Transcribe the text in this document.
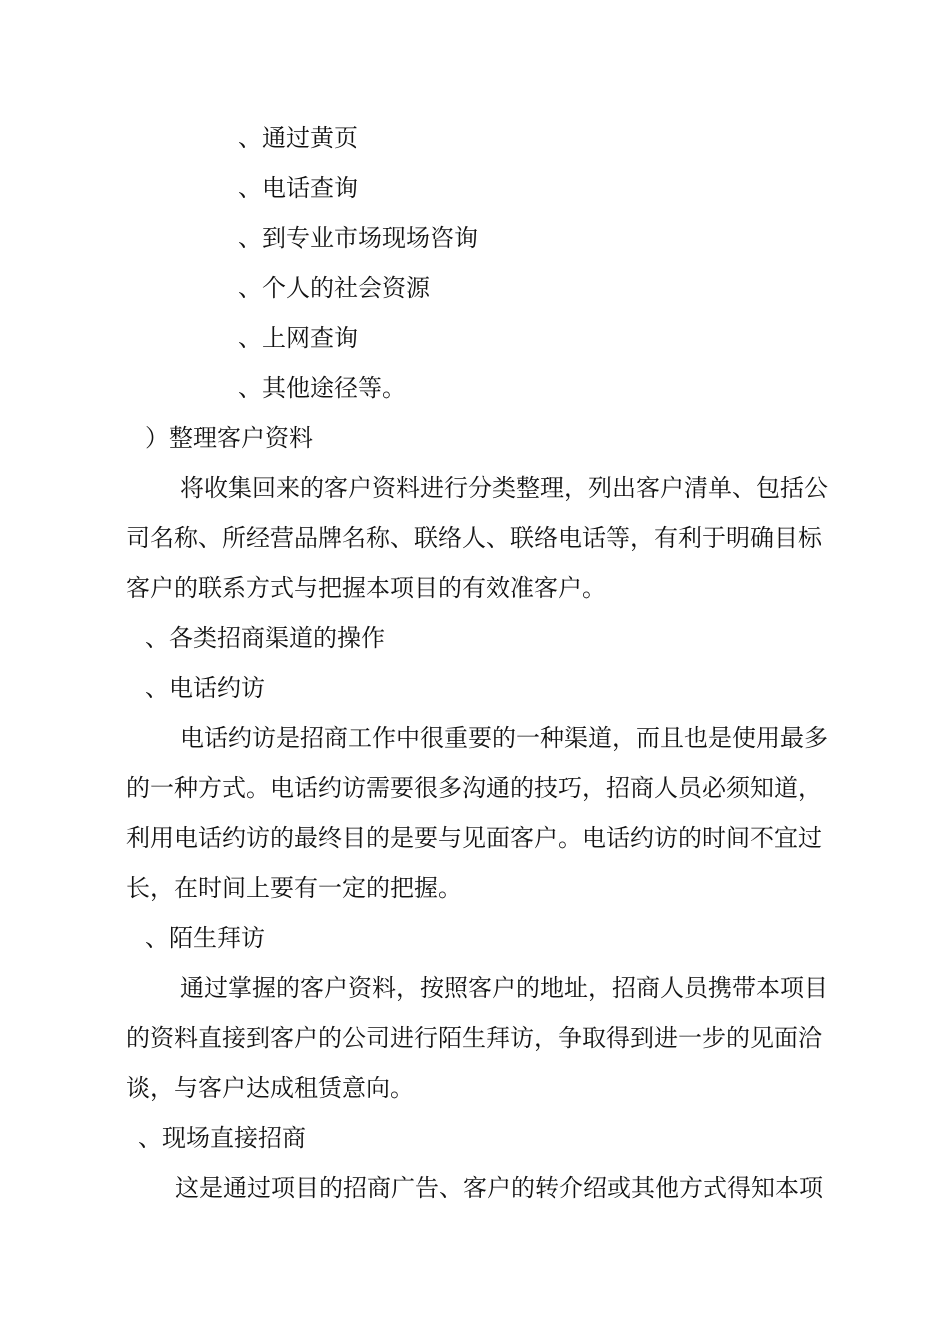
、通过黄页

、电话查询

、到专业市场现场咨询

、个人的社会资源

、上网查询

、其他途径等。

）整理客户资料

将收集回来的客户资料进行分类整理，列出客户清单、包括公

司名称、所经营品牌名称、联络人、联络电话等，有利于明确目标

客户的联系方式与把握本项目的有效准客户。

、各类招商渠道的操作

、电话约访

电话约访是招商工作中很重要的一种渠道，而且也是使用最多

的一种方式。电话约访需要很多沟通的技巧，招商人员必须知道，

利用电话约访的最终目的是要与见面客户。电话约访的时间不宜过

长，在时间上要有一定的把握。

、陌生拜访

通过掌握的客户资料，按照客户的地址，招商人员携带本项目

的资料直接到客户的公司进行陌生拜访，争取得到进一步的见面洽

谈，与客户达成租赁意向。

、现场直接招商

这是通过项目的招商广告、客户的转介绍或其他方式得知本项
